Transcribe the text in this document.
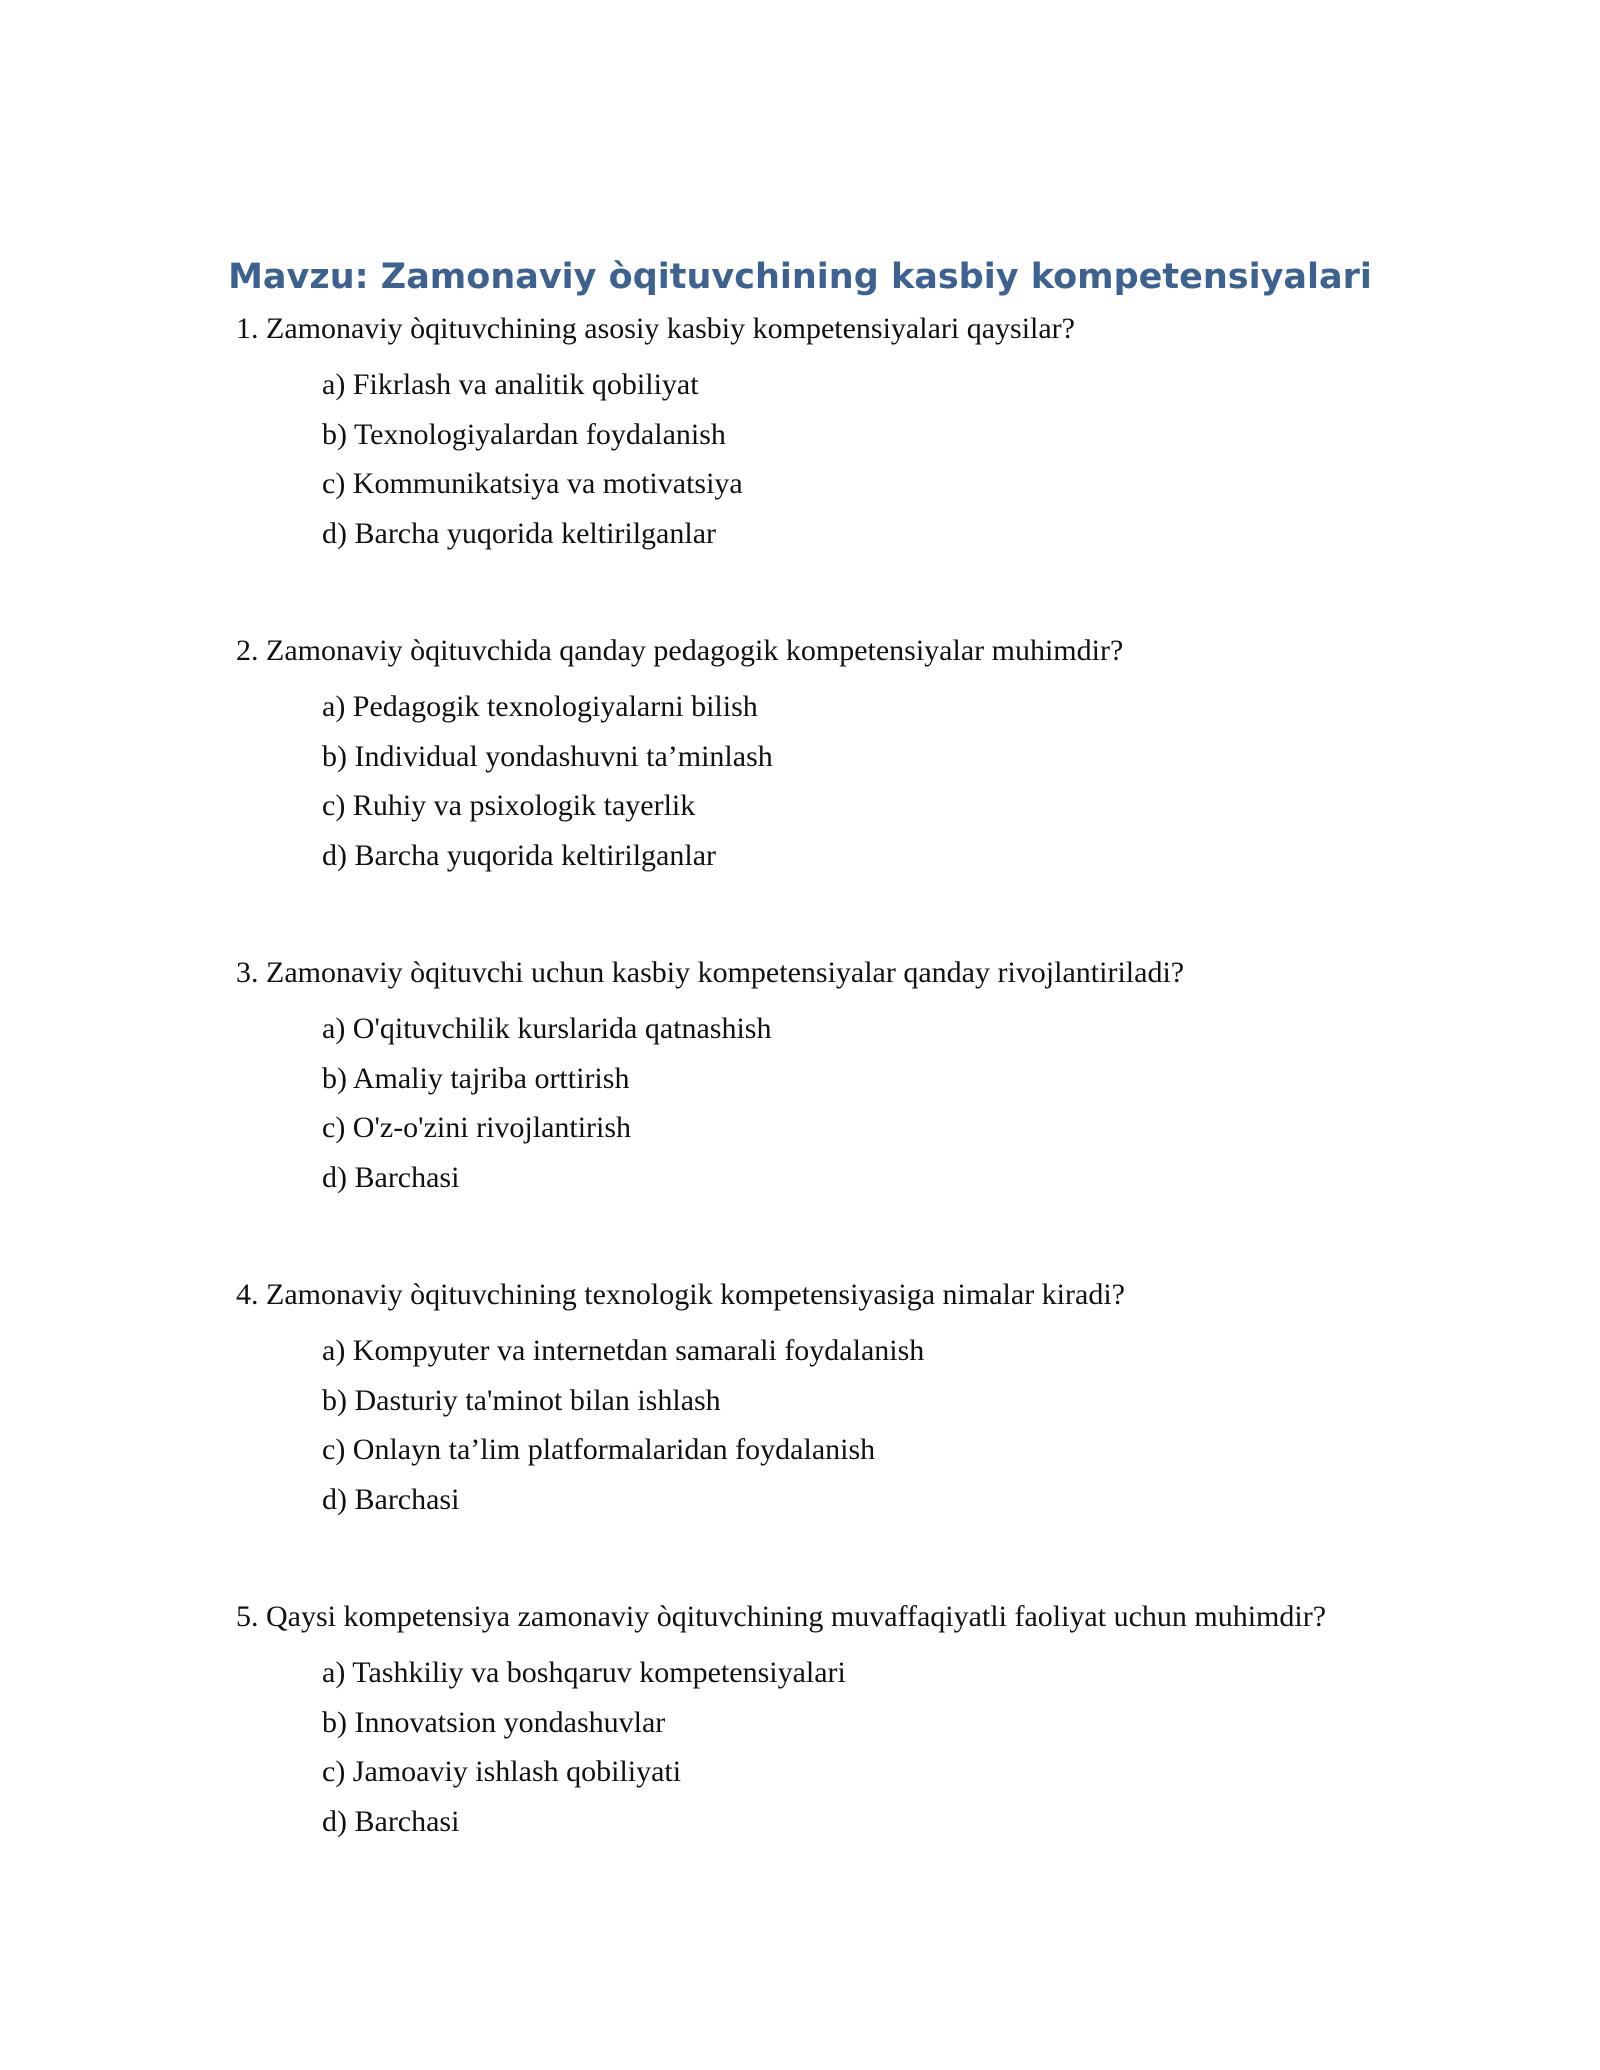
Mavzu: Zamonaviy òqituvchining kasbiy kompetensiyalari

1. Zamonaviy òqituvchining asosiy kasbiy kompetensiyalari qaysilar?

a) Fikrlash va analitik qobiliyat
b) Texnologiyalardan foydalanish
c) Kommunikatsiya va motivatsiya
d) Barcha yuqorida keltirilganlar

2. Zamonaviy òqituvchida qanday pedagogik kompetensiyalar muhimdir?

a) Pedagogik texnologiyalarni bilish
b) Individual yondashuvni ta’minlash
c) Ruhiy va psixologik tayerlik
d) Barcha yuqorida keltirilganlar

3. Zamonaviy òqituvchi uchun kasbiy kompetensiyalar qanday rivojlantiriladi?

a) O'qituvchilik kurslarida qatnashish
b) Amaliy tajriba orttirish
c) O'z-o'zini rivojlantirish
d) Barchasi

4. Zamonaviy òqituvchining texnologik kompetensiyasiga nimalar kiradi?

a) Kompyuter va internetdan samarali foydalanish
b) Dasturiy ta'minot bilan ishlash
c) Onlayn ta’lim platformalaridan foydalanish
d) Barchasi

5. Qaysi kompetensiya zamonaviy òqituvchining muvaffaqiyatli faoliyat uchun muhimdir?

a) Tashkiliy va boshqaruv kompetensiyalari
b) Innovatsion yondashuvlar
c) Jamoaviy ishlash qobiliyati
d) Barchasi
